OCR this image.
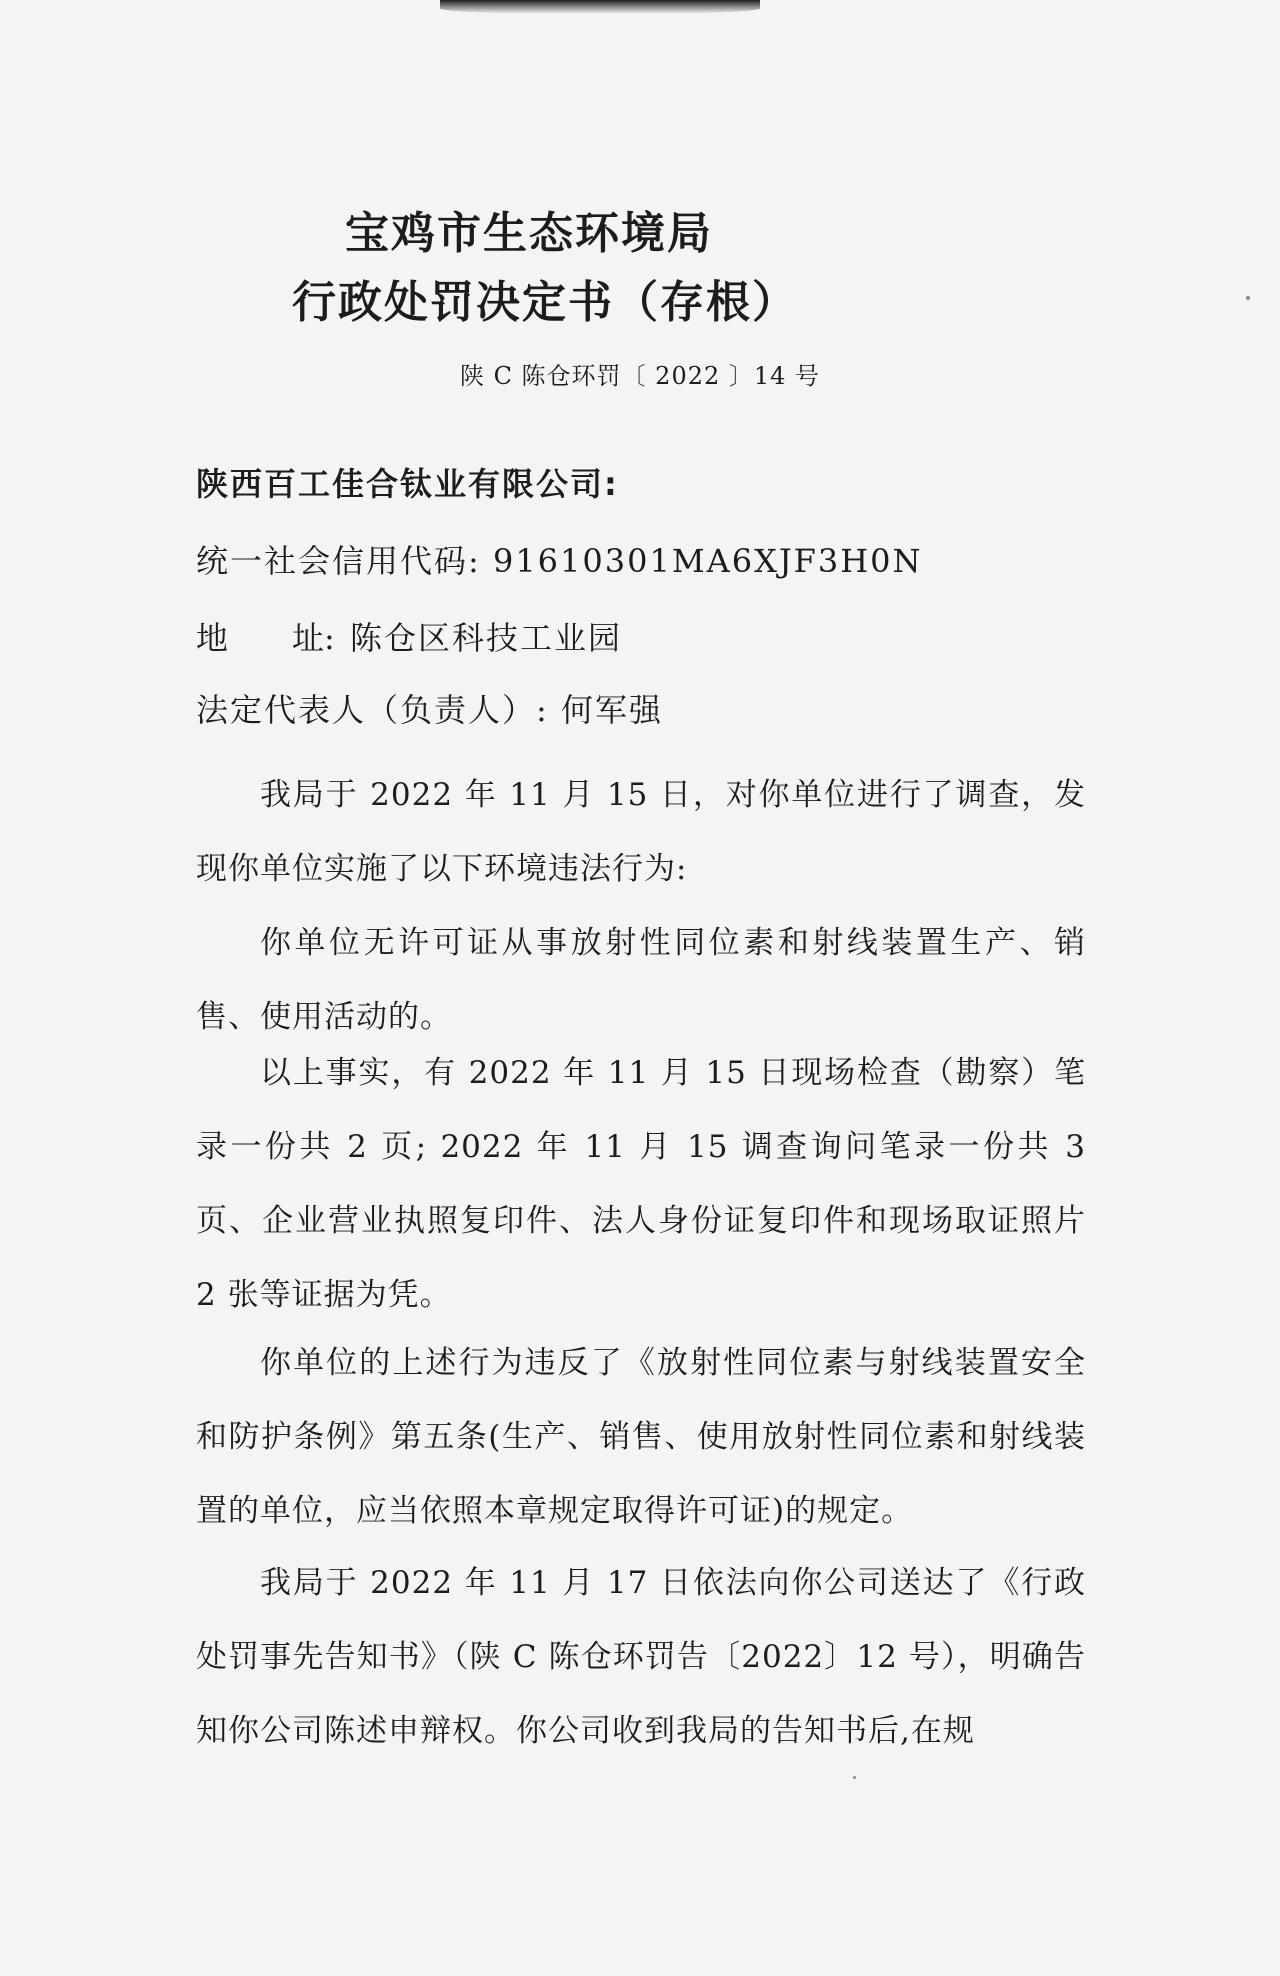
宝鸡市生态环境局
行政处罚决定书（存根）
陕 C 陈仓环罚〔 2022 〕14 号
陕西百工佳合钛业有限公司:
统一社会信用代码: 91610301MA6XJF3H0N
地　　址: 陈仓区科技工业园
法定代表人（负责人）: 何军强
我局于 2022 年 11 月 15 日，对你单位进行了调查，发现你单位实施了以下环境违法行为:
你单位无许可证从事放射性同位素和射线装置生产、销售、使用活动的。
以上事实，有 2022 年 11 月 15 日现场检查（勘察）笔录一份共 2 页; 2022 年 11 月 15 调查询问笔录一份共 3 页、企业营业执照复印件、法人身份证复印件和现场取证照片 2 张等证据为凭。
你单位的上述行为违反了《放射性同位素与射线装置安全和防护条例》第五条(生产、销售、使用放射性同位素和射线装置的单位，应当依照本章规定取得许可证)的规定。
我局于 2022 年 11 月 17 日依法向你公司送达了《行政处罚事先告知书》（陕 C 陈仓环罚告〔2022〕12 号），明确告知你公司陈述申辩权。你公司收到我局的告知书后,在规
